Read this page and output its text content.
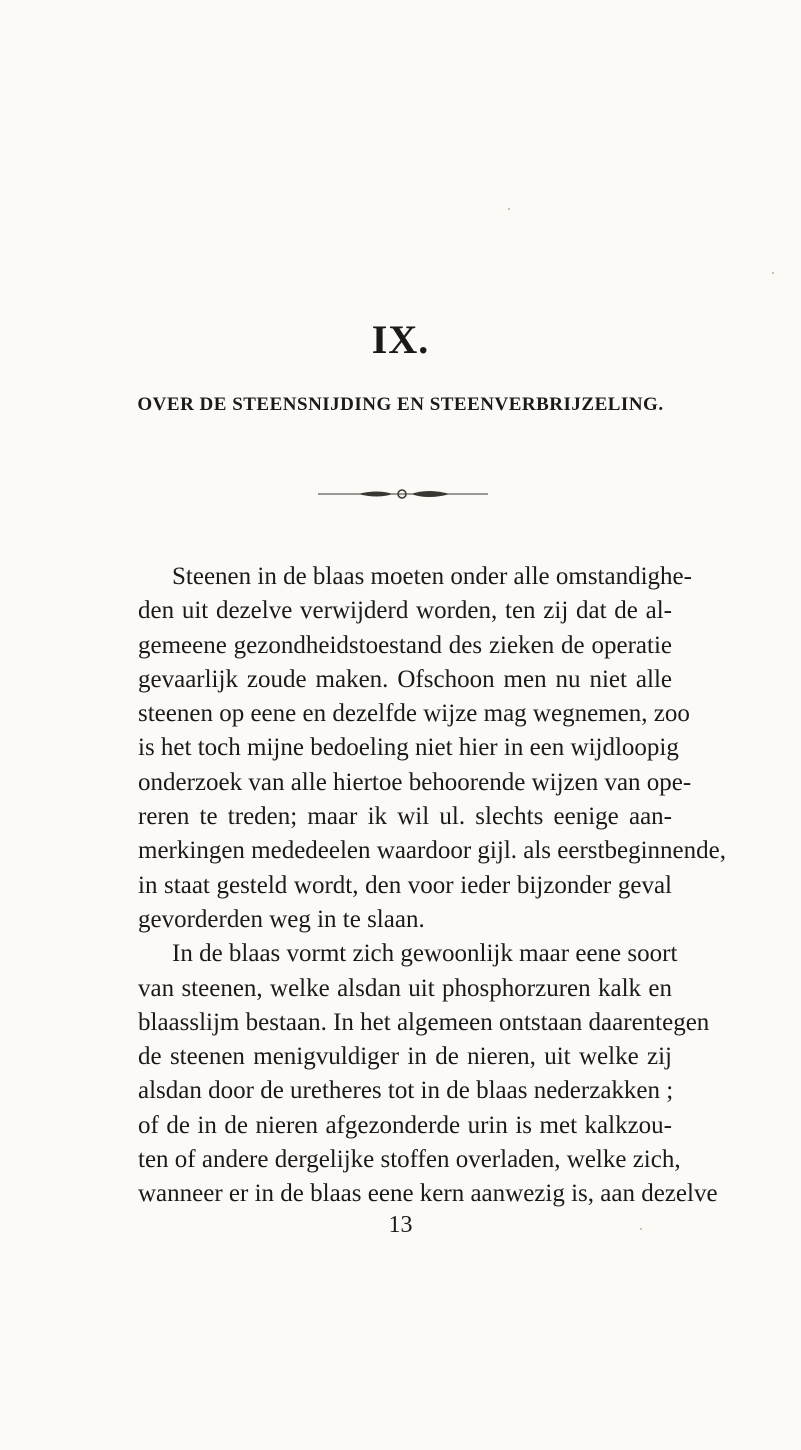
IX.
OVER DE STEENSNIJDING EN STEENVERBRIJZELING.
Steenen in de blaas moeten onder alle omstandighe-
den uit dezelve verwijderd worden, ten zij dat de al-
gemeene gezondheidstoestand des zieken de operatie
gevaarlijk zoude maken. Ofschoon men nu niet alle
steenen op eene en dezelfde wijze mag wegnemen, zoo
is het toch mijne bedoeling niet hier in een wijdloopig
onderzoek van alle hiertoe behoorende wijzen van ope-
reren te treden; maar ik wil ul. slechts eenige aan-
merkingen mededeelen waardoor gijl. als eerstbeginnende,
in staat gesteld wordt, den voor ieder bijzonder geval
gevorderden weg in te slaan.
In de blaas vormt zich gewoonlijk maar eene soort
van steenen, welke alsdan uit phosphorzuren kalk en
blaasslijm bestaan. In het algemeen ontstaan daarentegen
de steenen menigvuldiger in de nieren, uit welke zij
alsdan door de uretheres tot in de blaas nederzakken ;
of de in de nieren afgezonderde urin is met kalkzou-
ten of andere dergelijke stoffen overladen, welke zich,
wanneer er in de blaas eene kern aanwezig is, aan dezelve
13
